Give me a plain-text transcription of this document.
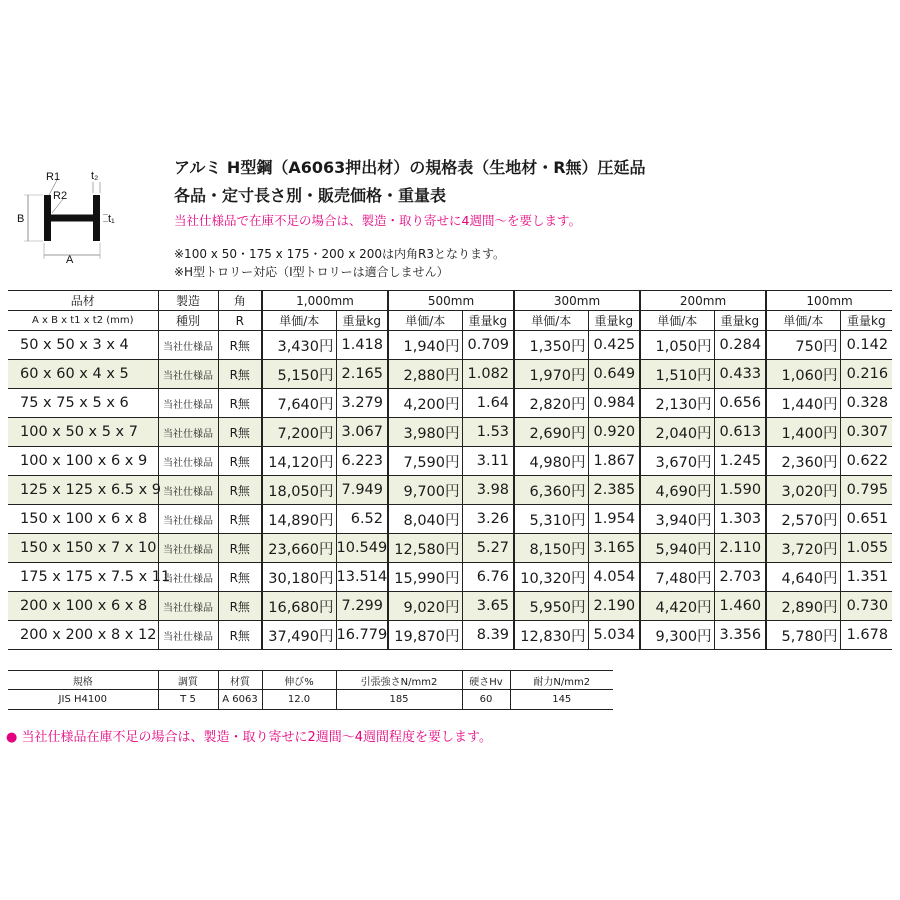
R1
R2
t₂
t₁
B
A
アルミ H型鋼（A6063押出材）の規格表（生地材・R無）圧延品
各品・定寸長さ別・販売価格・重量表
当社仕様品で在庫不足の場合は、製造・取り寄せに4週間〜を要します。
※100 x 50・175 x 175・200 x 200は内角R3となります。
※H型トロリー対応（I型トロリーは適合しません）
品材	製造	角	1,000mm		500mm		300mm		200mm		100mm	
A x B x t1 x t2 (mm)	種別	R	単価/本	重量kg	単価/本	重量kg	単価/本	重量kg	単価/本	重量kg	単価/本	重量kg
50 x 50 x 3 x 4	当社仕様品	R無	3,430円	1.418	1,940円	0.709	1,350円	0.425	1,050円	0.284	750円	0.142
60 x 60 x 4 x 5	当社仕様品	R無	5,150円	2.165	2,880円	1.082	1,970円	0.649	1,510円	0.433	1,060円	0.216
75 x 75 x 5 x 6	当社仕様品	R無	7,640円	3.279	4,200円	1.64	2,820円	0.984	2,130円	0.656	1,440円	0.328
100 x 50 x 5 x 7	当社仕様品	R無	7,200円	3.067	3,980円	1.53	2,690円	0.920	2,040円	0.613	1,400円	0.307
100 x 100 x 6 x 9	当社仕様品	R無	14,120円	6.223	7,590円	3.11	4,980円	1.867	3,670円	1.245	2,360円	0.622
125 x 125 x 6.5 x 9	当社仕様品	R無	18,050円	7.949	9,700円	3.98	6,360円	2.385	4,690円	1.590	3,020円	0.795
150 x 100 x 6 x 8	当社仕様品	R無	14,890円	6.52	8,040円	3.26	5,310円	1.954	3,940円	1.303	2,570円	0.651
150 x 150 x 7 x 10	当社仕様品	R無	23,660円	10.549	12,580円	5.27	8,150円	3.165	5,940円	2.110	3,720円	1.055
175 x 175 x 7.5 x 11	当社仕様品	R無	30,180円	13.514	15,990円	6.76	10,320円	4.054	7,480円	2.703	4,640円	1.351
200 x 100 x 6 x 8	当社仕様品	R無	16,680円	7.299	9,020円	3.65	5,950円	2.190	4,420円	1.460	2,890円	0.730
200 x 200 x 8 x 12	当社仕様品	R無	37,490円	16.779	19,870円	8.39	12,830円	5.034	9,300円	3.356	5,780円	1.678
規格	調質	材質	伸び%	引張強さN/mm2	硬さHv	耐力N/mm2
JIS H4100	T 5	A 6063	12.0	185	60	145
● 当社仕様品在庫不足の場合は、製造・取り寄せに2週間〜4週間程度を要します。
